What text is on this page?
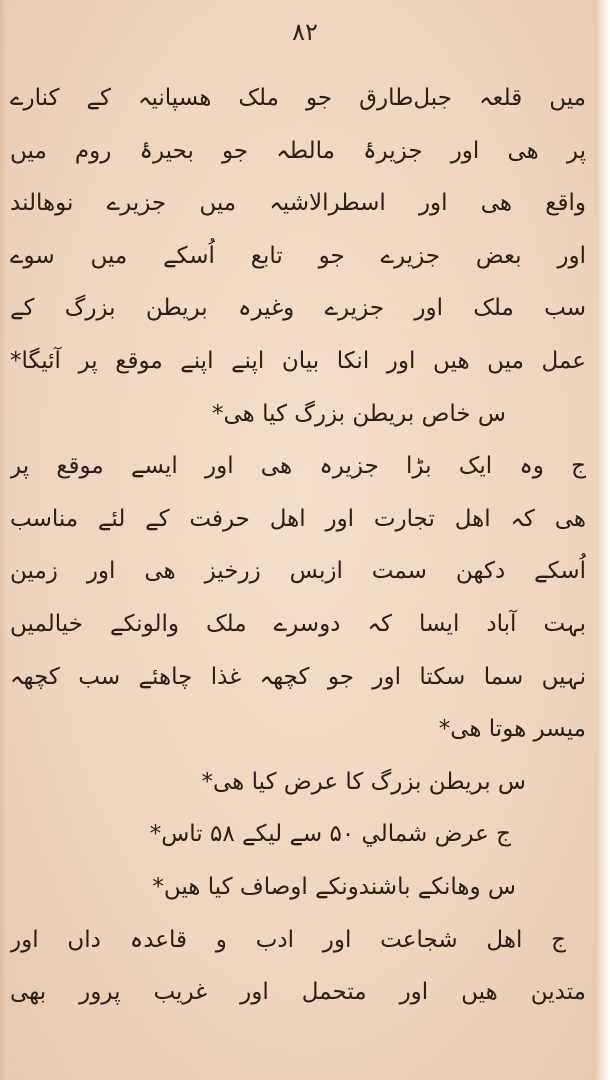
۸۲
میں قلعہ جبل‌طارق جو ملک هسپانیہ کے کنارے
پر هی اور جزیرۂ مالطہ جو بحیرۂ روم میں
واقع هی اور اسطرالاشیہ میں جزیرے نوهالند
اور بعض جزیرے جو تابع اُسکے میں سوے
سب ملک اور جزیرے وغیرہ بریطن بزرگ کے
عمل میں هیں اور انکا بیان اپنے اپنے موقع پر آئیگا*
س خاص بریطن بزرگ کیا هی*
ج وہ ایک بڑا جزیرہ هی اور ایسے موقع پر
هی کہ اهل تجارت اور اهل حرفت کے لئے مناسب
اُسکے دکھن سمت ازبس زرخیز هی اور زمین
بہت آباد ایسا کہ دوسرے ملک والونکے خیالمیں
نہیں سما سکتا اور جو کچھہ غذا چاهئے سب کچھہ
میسر هوتا هی*
س بریطن بزرگ کا عرض کیا هی*
ج عرض شمالي ۵۰ سے لیکے ۵۸ تاس*
س وهانکے باشندونکے اوصاف کیا هیں*
ج اهل شجاعت اور ادب و قاعدہ داں اور
متدین هیں اور متحمل اور غریب پرور بهی
